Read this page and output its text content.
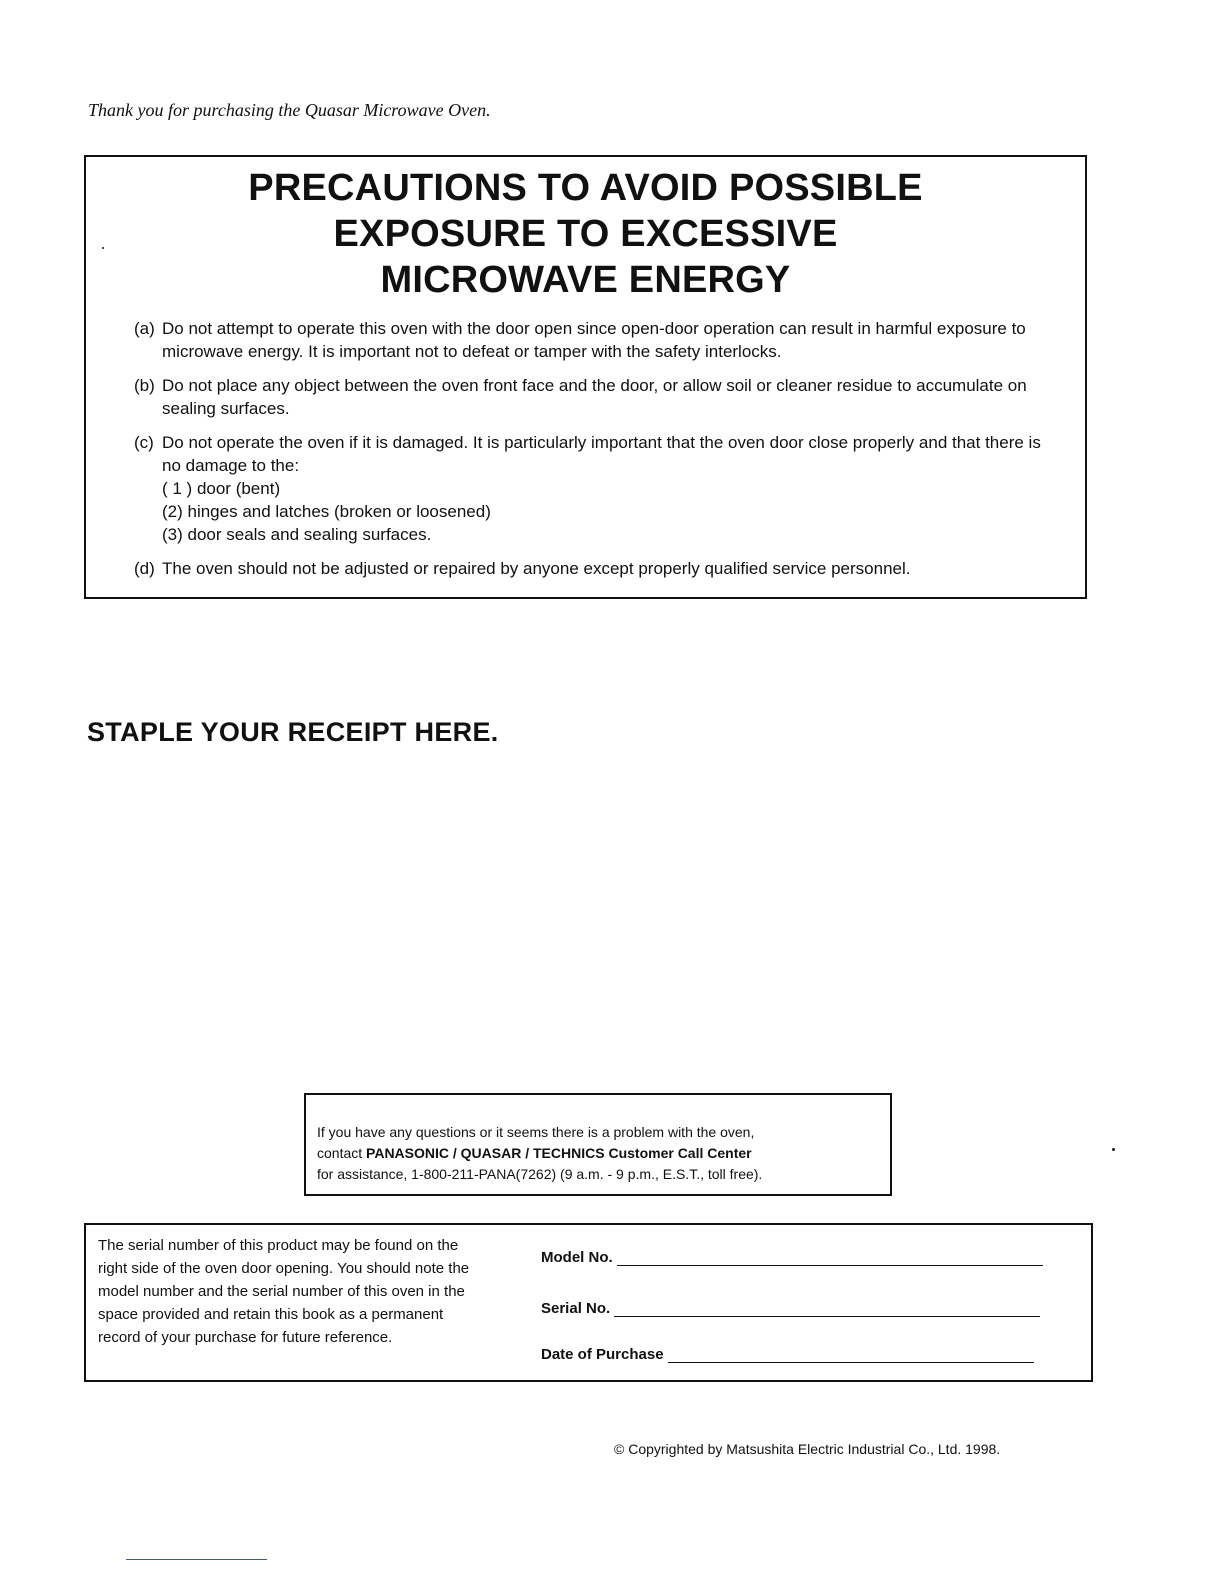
Thank you for purchasing the Quasar Microwave Oven.
PRECAUTIONS TO AVOID POSSIBLE
EXPOSURE TO EXCESSIVE
MICROWAVE ENERGY
(a) Do not attempt to operate this oven with the door open since open-door operation can result in harmful exposure to microwave energy. It is important not to defeat or tamper with the safety interlocks.
(b) Do not place any object between the oven front face and the door, or allow soil or cleaner residue to accumulate on sealing surfaces.
(c) Do not operate the oven if it is damaged. It is particularly important that the oven door close properly and that there is no damage to the:
( 1 ) door (bent)
(2) hinges and latches (broken or loosened)
(3) door seals and sealing surfaces.
(d) The oven should not be adjusted or repaired by anyone except properly qualified service personnel.
STAPLE YOUR RECEIPT HERE.
If you have any questions or it seems there is a problem with the oven,
contact PANASONIC / QUASAR / TECHNICS Customer Call Center
for assistance, 1-800-211-PANA(7262) (9 a.m. - 9 p.m., E.S.T., toll free).
The serial number of this product may be found on the right side of the oven door opening. You should note the model number and the serial number of this oven in the space provided and retain this book as a permanent record of your purchase for future reference.
Model No.
Serial No.
Date of Purchase
© Copyrighted by Matsushita Electric Industrial Co., Ltd. 1998.
